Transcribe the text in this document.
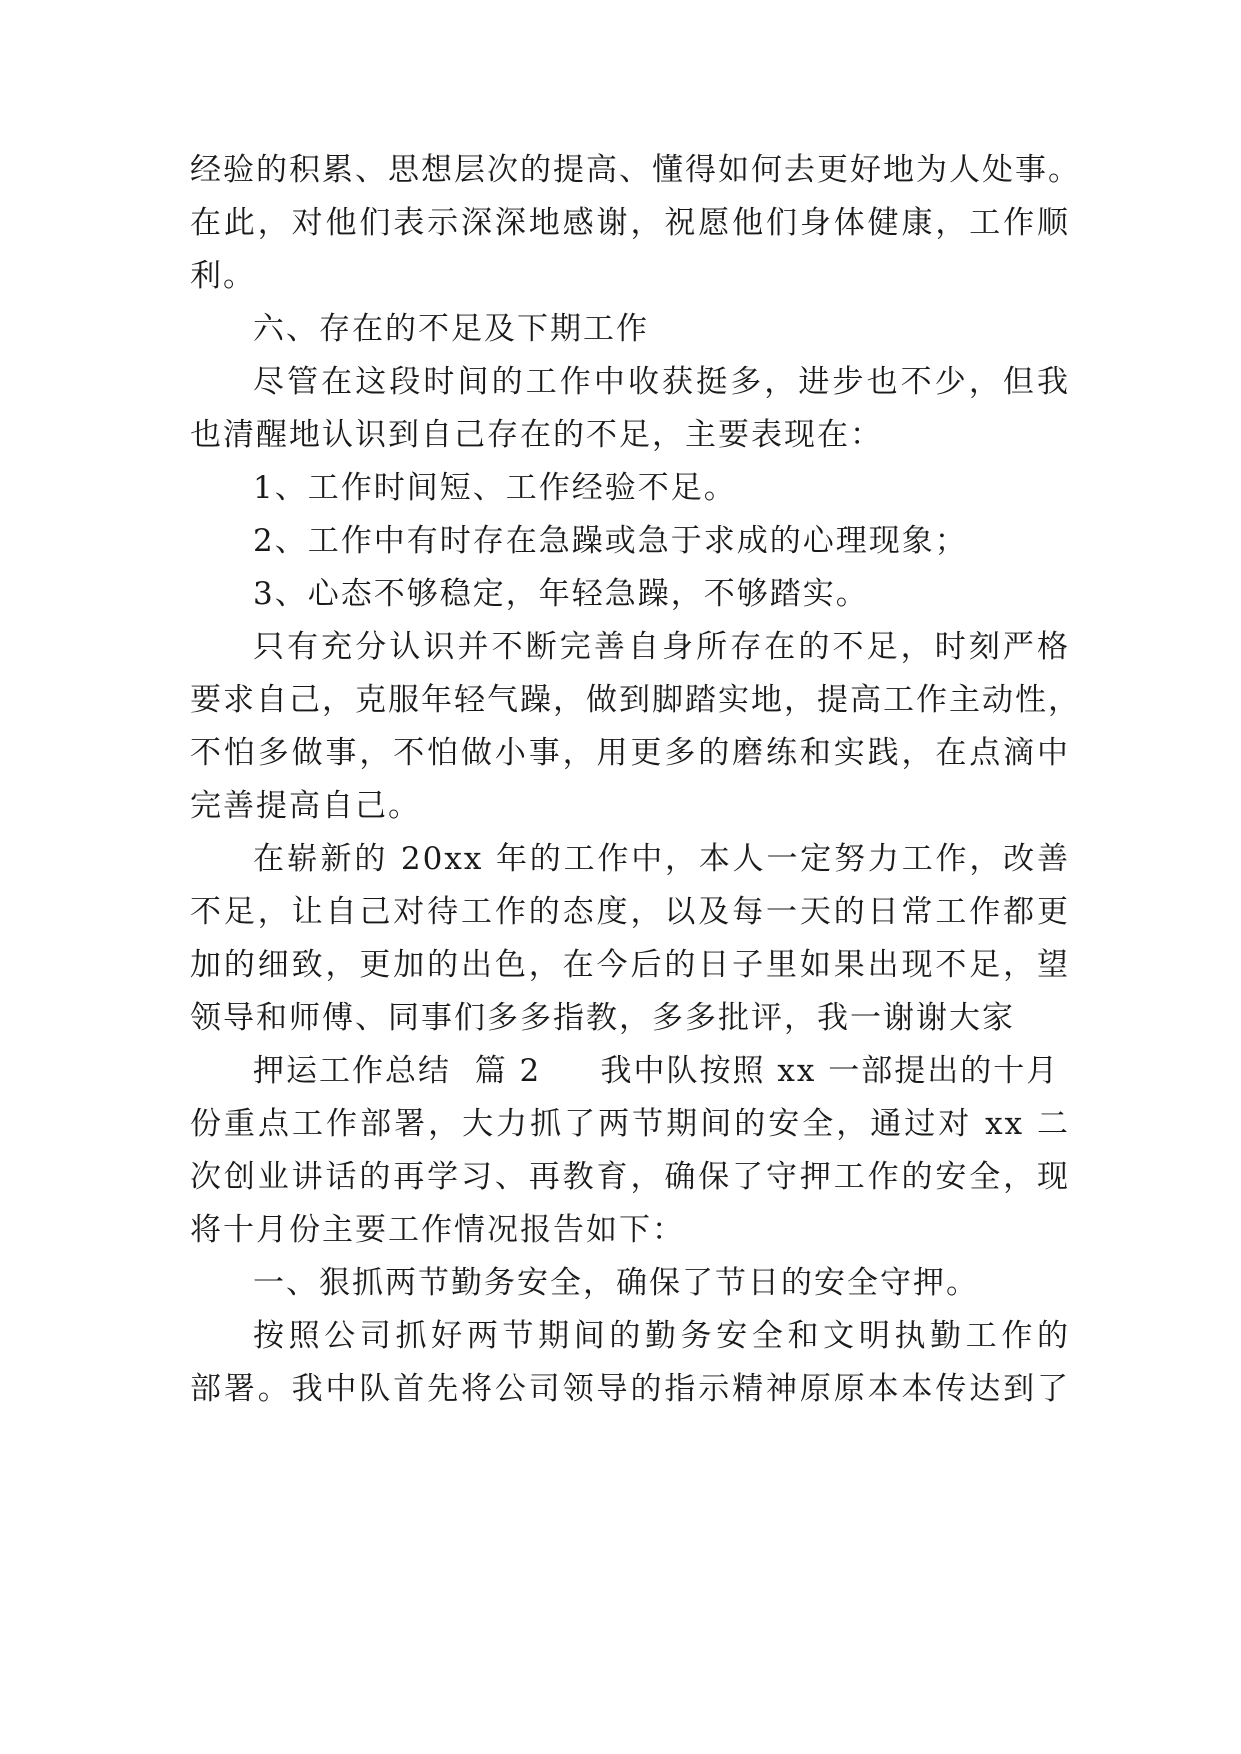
经验的积累、思想层次的提高、懂得如何去更好地为人处事。
在此，对他们表示深深地感谢，祝愿他们身体健康，工作顺
利。
六、存在的不足及下期工作
尽管在这段时间的工作中收获挺多，进步也不少，但我
也清醒地认识到自己存在的不足，主要表现在：
1、工作时间短、工作经验不足。
2、工作中有时存在急躁或急于求成的心理现象；
3、心态不够稳定，年轻急躁，不够踏实。
只有充分认识并不断完善自身所存在的不足，时刻严格
要求自己，克服年轻气躁，做到脚踏实地，提高工作主动性，
不怕多做事，不怕做小事，用更多的磨练和实践，在点滴中
完善提高自己。
在崭新的 20xx 年的工作中，本人一定努力工作，改善
不足，让自己对待工作的态度，以及每一天的日常工作都更
加的细致，更加的出色，在今后的日子里如果出现不足，望
领导和师傅、同事们多多指教，多多批评，我一谢谢大家
押运工作总结  篇 2     我中队按照 xx 一部提出的十月
份重点工作部署，大力抓了两节期间的安全，通过对 xx 二
次创业讲话的再学习、再教育，确保了守押工作的安全，现
将十月份主要工作情况报告如下：
一、狠抓两节勤务安全，确保了节日的安全守押。
按照公司抓好两节期间的勤务安全和文明执勤工作的
部署。我中队首先将公司领导的指示精神原原本本传达到了
